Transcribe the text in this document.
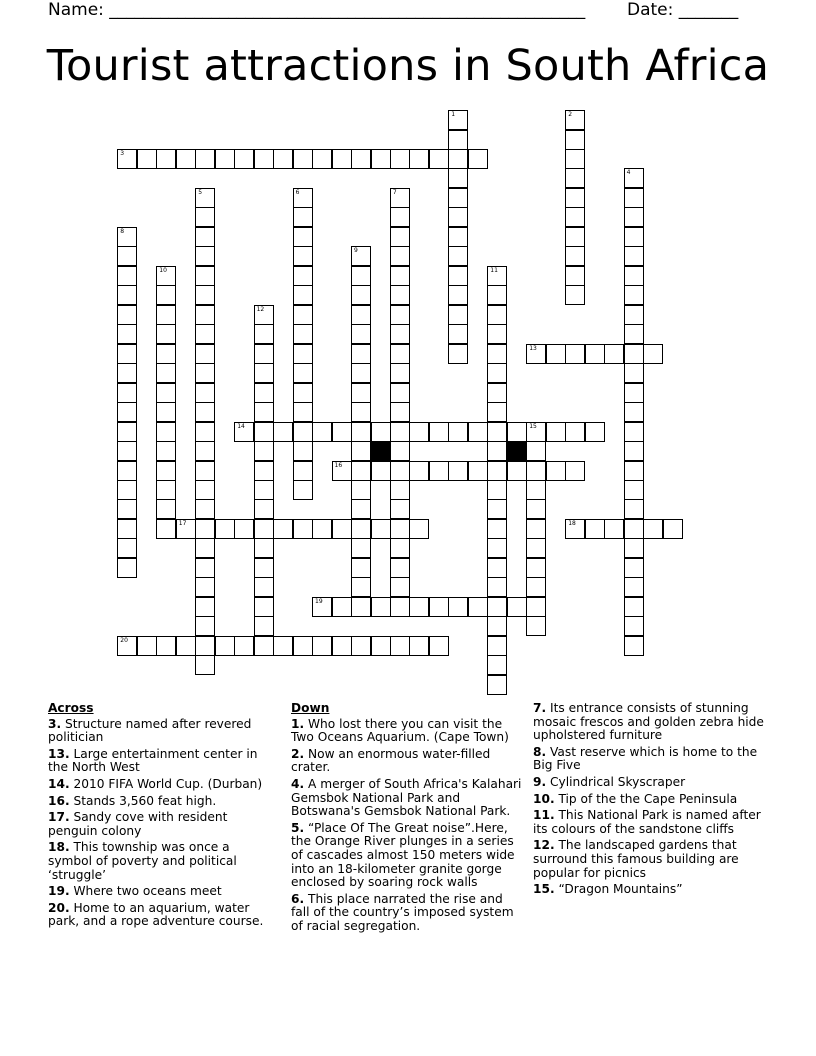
Name: ________________________________________________________ Date: _______
Tourist attractions in South Africa
3
13
14	15
16
17	18
19
20
1	2
4
5	6	7
8
9
10	11
12
Across
3. Structure named after revered politician
13. Large entertainment center in the North West
14. 2010 FIFA World Cup. (Durban)
16. Stands 3,560 feat high.
17. Sandy cove with resident penguin colony
18. This township was once a symbol of poverty and political ‘struggle’
19. Where two oceans meet
20. Home to an aquarium, water park, and a rope adventure course.
Down
1. Who lost there you can visit the Two Oceans Aquarium. (Cape Town)
2. Now an enormous water-filled crater.
4. A merger of South Africa's Kalahari Gemsbok National Park and Botswana's Gemsbok National Park.
5. “Place Of The Great noise”.Here, the Orange River plunges in a series of cascades almost 150 meters wide into an 18-kilometer granite gorge enclosed by soaring rock walls
6. This place narrated the rise and fall of the country’s imposed system of racial segregation.
7. Its entrance consists of stunning mosaic frescos and golden zebra hide upholstered furniture
8. Vast reserve which is home to the Big Five
9. Cylindrical Skyscraper
10. Tip of the the Cape Peninsula
11. This National Park is named after its colours of the sandstone cliffs
12. The landscaped gardens that surround this famous building are popular for picnics
15. “Dragon Mountains”
